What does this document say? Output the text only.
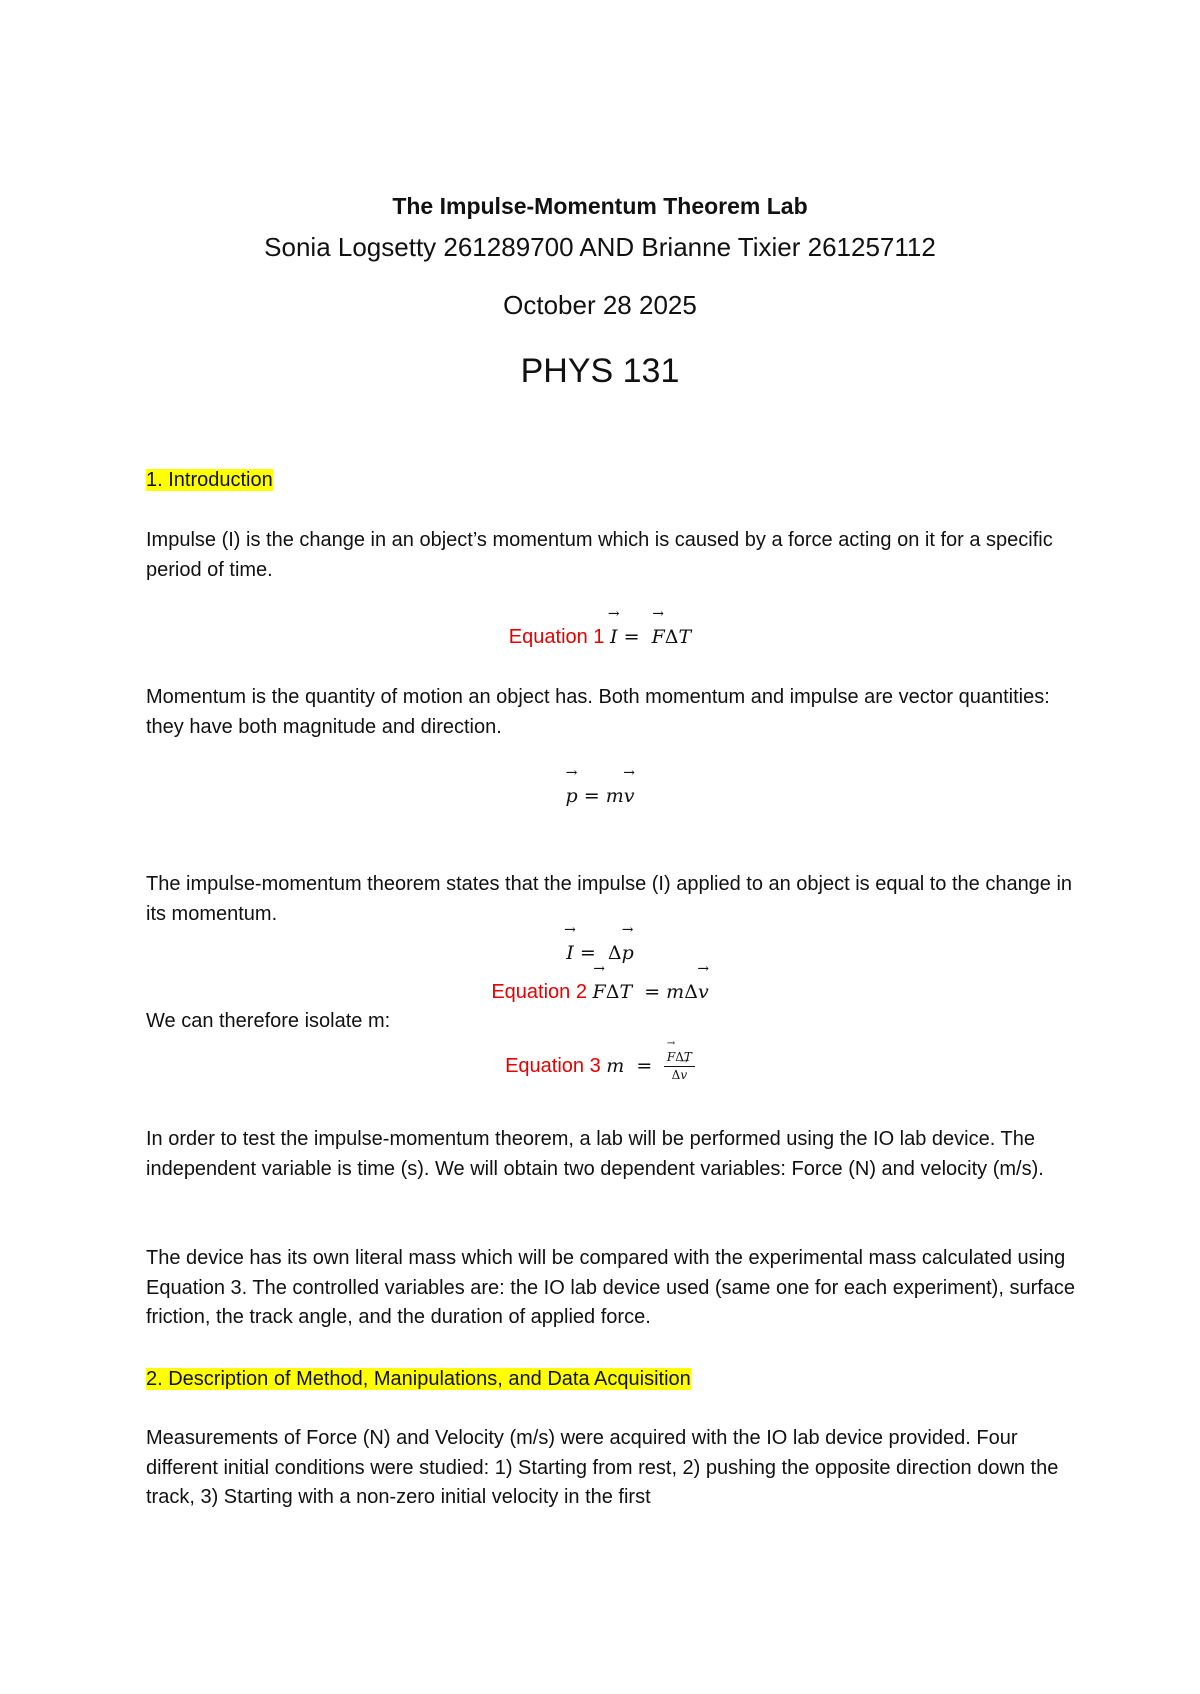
The Impulse-Momentum Theorem Lab
Sonia Logsetty 261289700 AND Brianne Tixier 261257112
October 28 2025
PHYS 131
1. Introduction
Impulse (I) is the change in an object’s momentum which is caused by a force acting on it for a specific period of time.
Equation 1 → I = → FΔT
Momentum is the quantity of motion an object has. Both momentum and impulse are vector quantities: they have both magnitude and direction.
→ p = m→ v
The impulse-momentum theorem states that the impulse (I) applied to an object is equal to the change in its momentum.
→ I = Δ→ p
Equation 2 → FΔT  = mΔ→ v
We can therefore isolate m:
Equation 3 m  = → $\frac{\text{FΔT}}{\Delta\to v}$
In order to test the impulse-momentum theorem, a lab will be performed using the IO lab device. The independent variable is time (s). We will obtain two dependent variables: Force (N) and velocity (m/s).
The device has its own literal mass which will be compared with the experimental mass calculated using Equation 3. The controlled variables are: the IO lab device used (same one for each experiment), surface friction, the track angle, and the duration of applied force.
2. Description of Method, Manipulations, and Data Acquisition
Measurements of Force (N) and Velocity (m/s) were acquired with the IO lab device provided. Four different initial conditions were studied: 1) Starting from rest, 2) pushing the opposite direction down the track, 3) Starting with a non-zero initial velocity in the first
